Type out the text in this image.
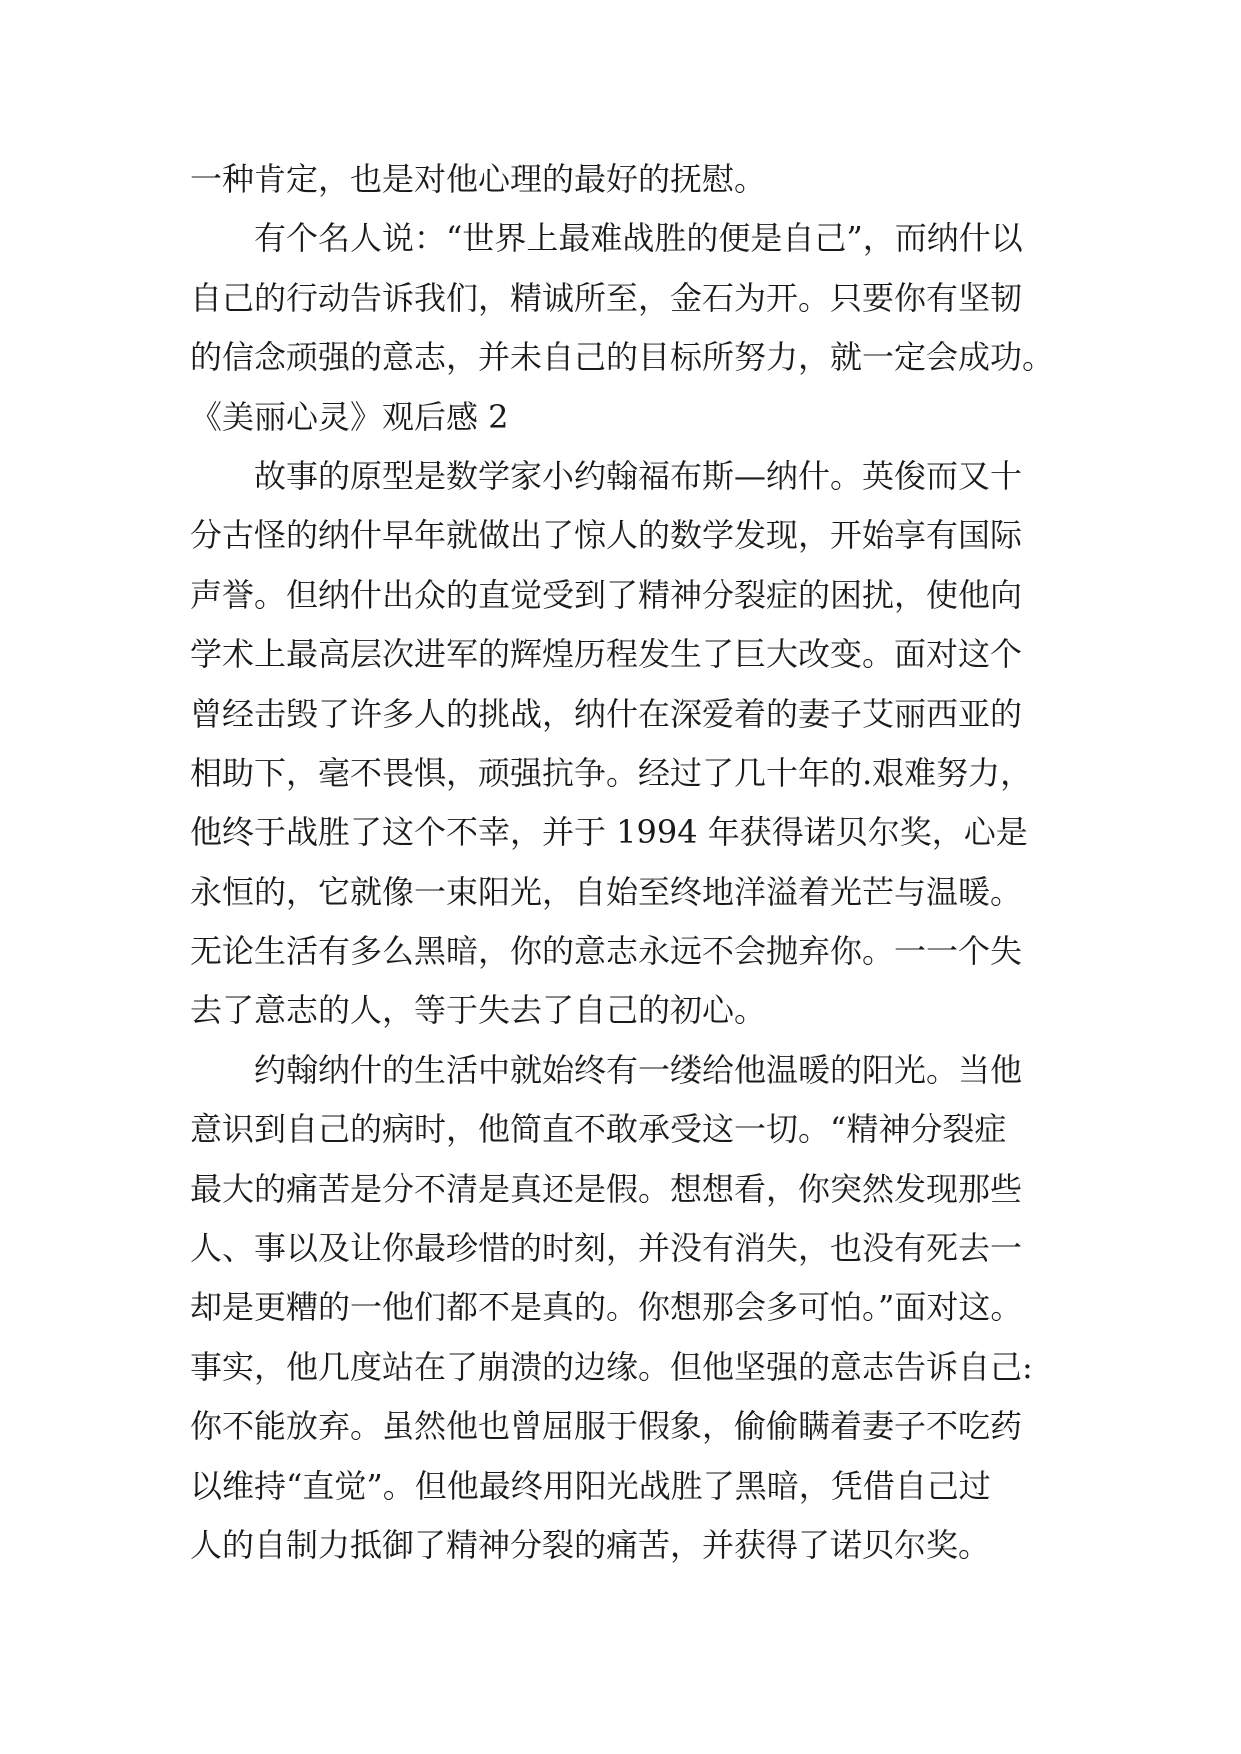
一种肯定，也是对他心理的最好的抚慰。
有个名人说：“世界上最难战胜的便是自己”，而纳什以
自己的行动告诉我们，精诚所至，金石为开。只要你有坚韧
的信念顽强的意志，并未自己的目标所努力，就一定会成功。
《美丽心灵》观后感 2
故事的原型是数学家小约翰福布斯—纳什。英俊而又十
分古怪的纳什早年就做出了惊人的数学发现，开始享有国际
声誉。但纳什出众的直觉受到了精神分裂症的困扰，使他向
学术上最高层次进军的辉煌历程发生了巨大改变。面对这个
曾经击毁了许多人的挑战，纳什在深爱着的妻子艾丽西亚的
相助下，毫不畏惧，顽强抗争。经过了几十年的.艰难努力，
他终于战胜了这个不幸，并于 1994 年获得诺贝尔奖，心是
永恒的，它就像一束阳光，自始至终地洋溢着光芒与温暖。
无论生活有多么黑暗，你的意志永远不会抛弃你。一一个失
去了意志的人，等于失去了自己的初心。
约翰纳什的生活中就始终有一缕给他温暖的阳光。当他
意识到自己的病时，他简直不敢承受这一切。“精神分裂症
最大的痛苦是分不清是真还是假。想想看，你突然发现那些
人、事以及让你最珍惜的时刻，并没有消失，也没有死去一
却是更糟的一他们都不是真的。你想那会多可怕。”面对这。
事实，他几度站在了崩溃的边缘。但他坚强的意志告诉自己:
你不能放弃。虽然他也曾屈服于假象，偷偷瞒着妻子不吃药
以维持“直觉”。但他最终用阳光战胜了黑暗，凭借自己过
人的自制力抵御了精神分裂的痛苦，并获得了诺贝尔奖。
